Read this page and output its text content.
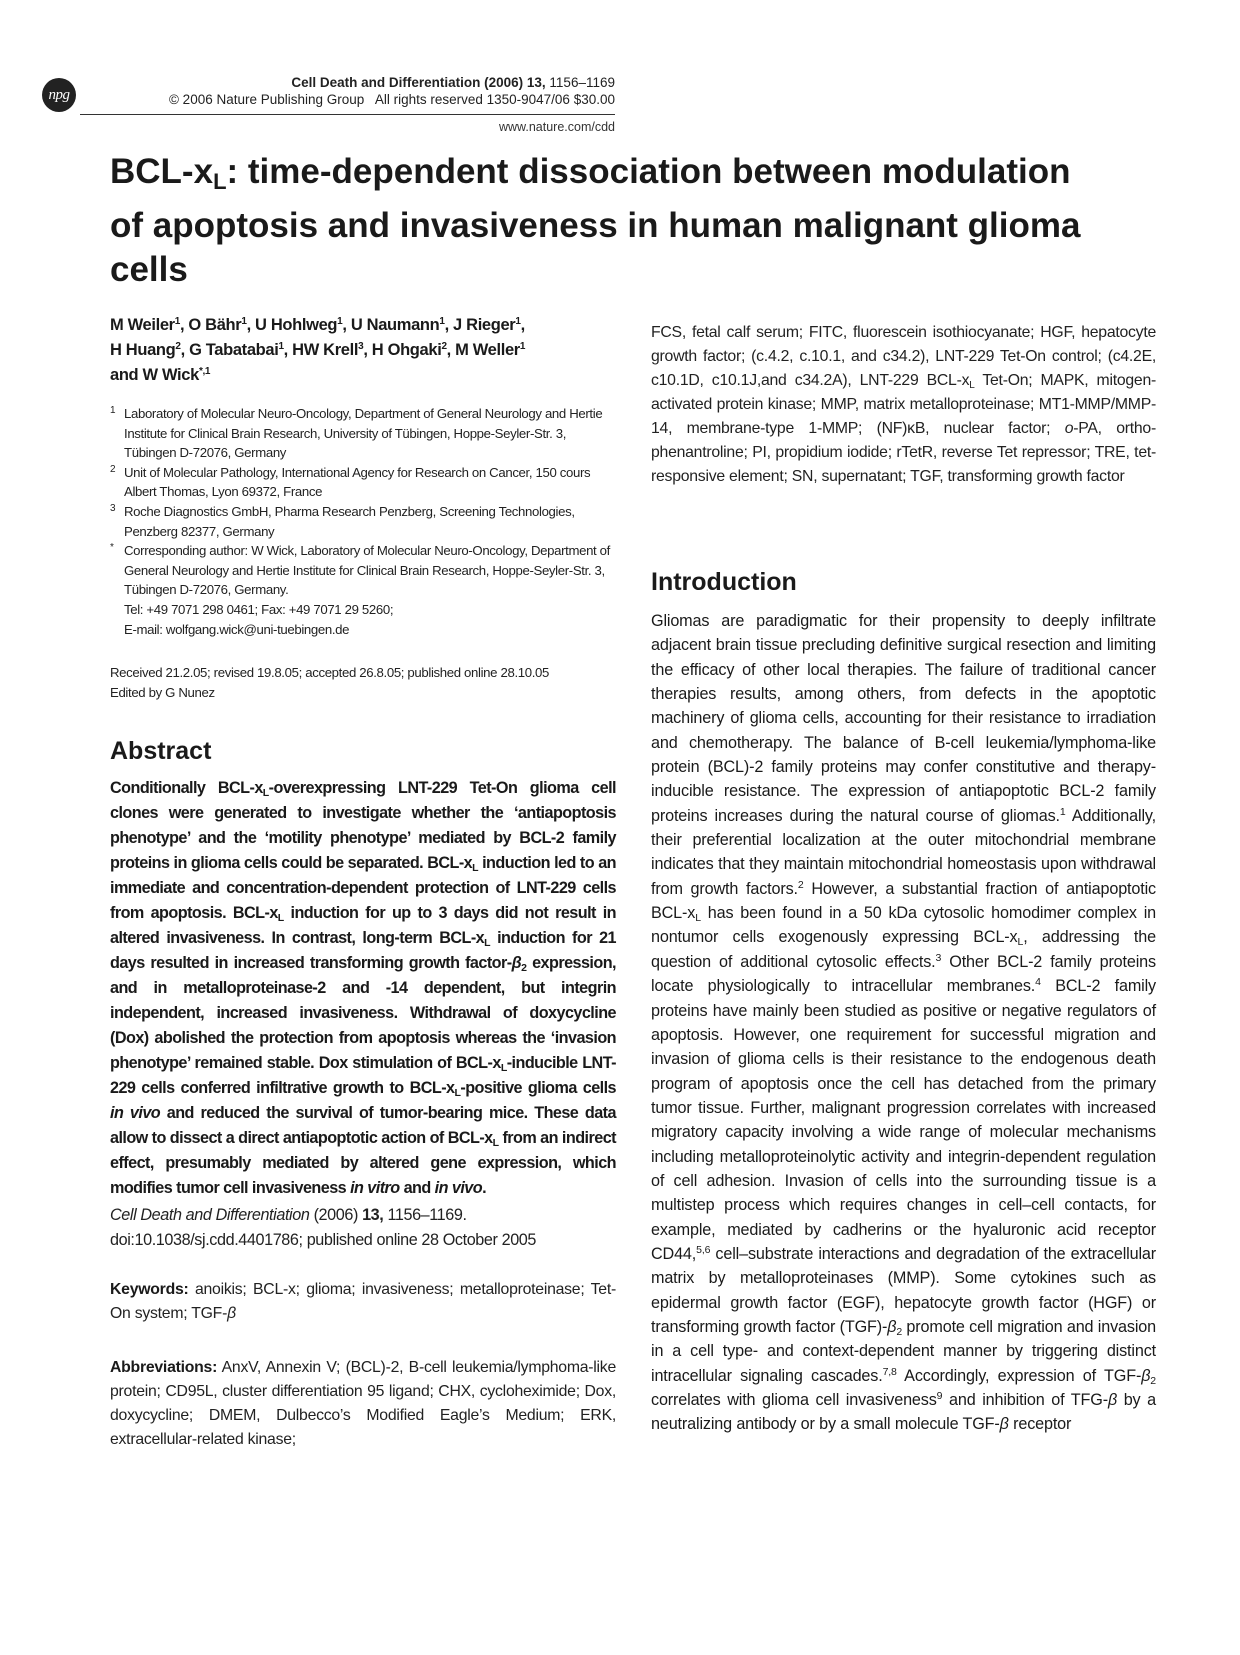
npg
Cell Death and Differentiation (2006) 13, 1156–1169
© 2006 Nature Publishing Group All rights reserved 1350-9047/06 $30.00
www.nature.com/cdd
BCL-$x_L$: time-dependent dissociation between modulation of apoptosis and invasiveness in human malignant glioma cells

M Weiler$^1$, O Bähr$^1$, U Hohlweg$^1$, U Naumann$^1$, J Rieger$^1$,
H Huang$^2$, G Tabatabai$^1$, HW Krell$^3$, H Ohgaki$^2$, M Weller$^1$
and W Wick$^{*,1}$

1 Laboratory of Molecular Neuro-Oncology, Department of General Neurology and Hertie Institute for Clinical Brain Research, University of Tübingen, Hoppe-Seyler-Str. 3, Tübingen D-72076, Germany
2 Unit of Molecular Pathology, International Agency for Research on Cancer, 150 cours Albert Thomas, Lyon 69372, France
3 Roche Diagnostics GmbH, Pharma Research Penzberg, Screening Technologies, Penzberg 82377, Germany
* Corresponding author: W Wick, Laboratory of Molecular Neuro-Oncology, Department of General Neurology and Hertie Institute for Clinical Brain Research, Hoppe-Seyler-Str. 3, Tübingen D-72076, Germany.
Tel: +49 7071 298 0461; Fax: +49 7071 29 5260;
E-mail: wolfgang.wick@uni-tuebingen.de
Received 21.2.05; revised 19.8.05; accepted 26.8.05; published online 28.10.05
Edited by G Nunez
Abstract

Conditionally BCL-$x_L$-overexpressing LNT-229 Tet-On glioma cell clones were generated to investigate whether the ‘antiapoptosis phenotype’ and the ‘motility phenotype’ mediated by BCL-2 family proteins in glioma cells could be separated. BCL-$x_L$ induction led to an immediate and concentration-dependent protection of LNT-229 cells from apoptosis. BCL-$x_L$ induction for up to 3 days did not result in altered invasiveness. In contrast, long-term BCL-$x_L$ induction for 21 days resulted in increased transforming growth factor-$\beta_2$ expression, and in metalloproteinase-2 and -14 dependent, but integrin independent, increased invasiveness. Withdrawal of doxycycline (Dox) abolished the protection from apoptosis whereas the ‘invasion phenotype’ remained stable. Dox stimulation of BCL-$x_L$-inducible LNT-229 cells conferred infiltrative growth to BCL-$x_L$-positive glioma cells in vivo and reduced the survival of tumor-bearing mice. These data allow to dissect a direct antiapoptotic action of BCL-$x_L$ from an indirect effect, presumably mediated by altered gene expression, which modifies tumor cell invasiveness in vitro and in vivo.

Cell Death and Differentiation (2006) 13, 1156–1169.
doi:10.1038/sj.cdd.4401786; published online 28 October 2005
Keywords: anoikis; BCL-x; glioma; invasiveness; metalloproteinase; Tet-On system; TGF-β
Abbreviations: AnxV, Annexin V; (BCL)-2, B-cell leukemia/lymphoma-like protein; CD95L, cluster differentiation 95 ligand; CHX, cycloheximide; Dox, doxycycline; DMEM, Dulbecco’s Modified Eagle’s Medium; ERK, extracellular-related kinase;

FCS, fetal calf serum; FITC, fluorescein isothiocyanate; HGF, hepatocyte growth factor; (c.4.2, c.10.1, and c34.2), LNT-229 Tet-On control; (c4.2E, c10.1D, c10.1J,and c34.2A), LNT-229 BCL-$x_L$ Tet-On; MAPK, mitogen-activated protein kinase; MMP, matrix metalloproteinase; MT1-MMP/MMP-14, membrane-type 1-MMP; (NF)κB, nuclear factor; o-PA, ortho-phenantroline; PI, propidium iodide; rTetR, reverse Tet repressor; TRE, tet-responsive element; SN, supernatant; TGF, transforming growth factor

Introduction

Gliomas are paradigmatic for their propensity to deeply infiltrate adjacent brain tissue precluding definitive surgical resection and limiting the efficacy of other local therapies. The failure of traditional cancer therapies results, among others, from defects in the apoptotic machinery of glioma cells, accounting for their resistance to irradiation and chemotherapy. The balance of B-cell leukemia/lymphoma-like protein (BCL)-2 family proteins may confer constitutive and therapy-inducible resistance. The expression of antiapoptotic BCL-2 family proteins increases during the natural course of gliomas.$^1$ Additionally, their preferential localization at the outer mitochondrial membrane indicates that they maintain mitochondrial homeostasis upon withdrawal from growth factors.$^2$ However, a substantial fraction of antiapoptotic BCL-$x_L$ has been found in a 50 kDa cytosolic homodimer complex in nontumor cells exogenously expressing BCL-$x_L$, addressing the question of additional cytosolic effects.$^3$ Other BCL-2 family proteins locate physiologically to intracellular membranes.$^4$ BCL-2 family proteins have mainly been studied as positive or negative regulators of apoptosis. However, one requirement for successful migration and invasion of glioma cells is their resistance to the endogenous death program of apoptosis once the cell has detached from the primary tumor tissue. Further, malignant progression correlates with increased migratory capacity involving a wide range of molecular mechanisms including metalloproteinolytic activity and integrin-dependent regulation of cell adhesion. Invasion of cells into the surrounding tissue is a multistep process which requires changes in cell–cell contacts, for example, mediated by cadherins or the hyaluronic acid receptor CD44,$^{5,6}$ cell–substrate interactions and degradation of the extracellular matrix by metalloproteinases (MMP). Some cytokines such as epidermal growth factor (EGF), hepatocyte growth factor (HGF) or transforming growth factor $(TGF)-\beta_2$ promote cell migration and invasion in a cell type- and context-dependent manner by triggering distinct intracellular signaling cascades.$^{7,8}$ Accordingly, expression of TGF-$\beta_2$ correlates with glioma cell invasiveness$^9$ and inhibition of TFG-β by a neutralizing antibody or by a small molecule TGF-β receptor
